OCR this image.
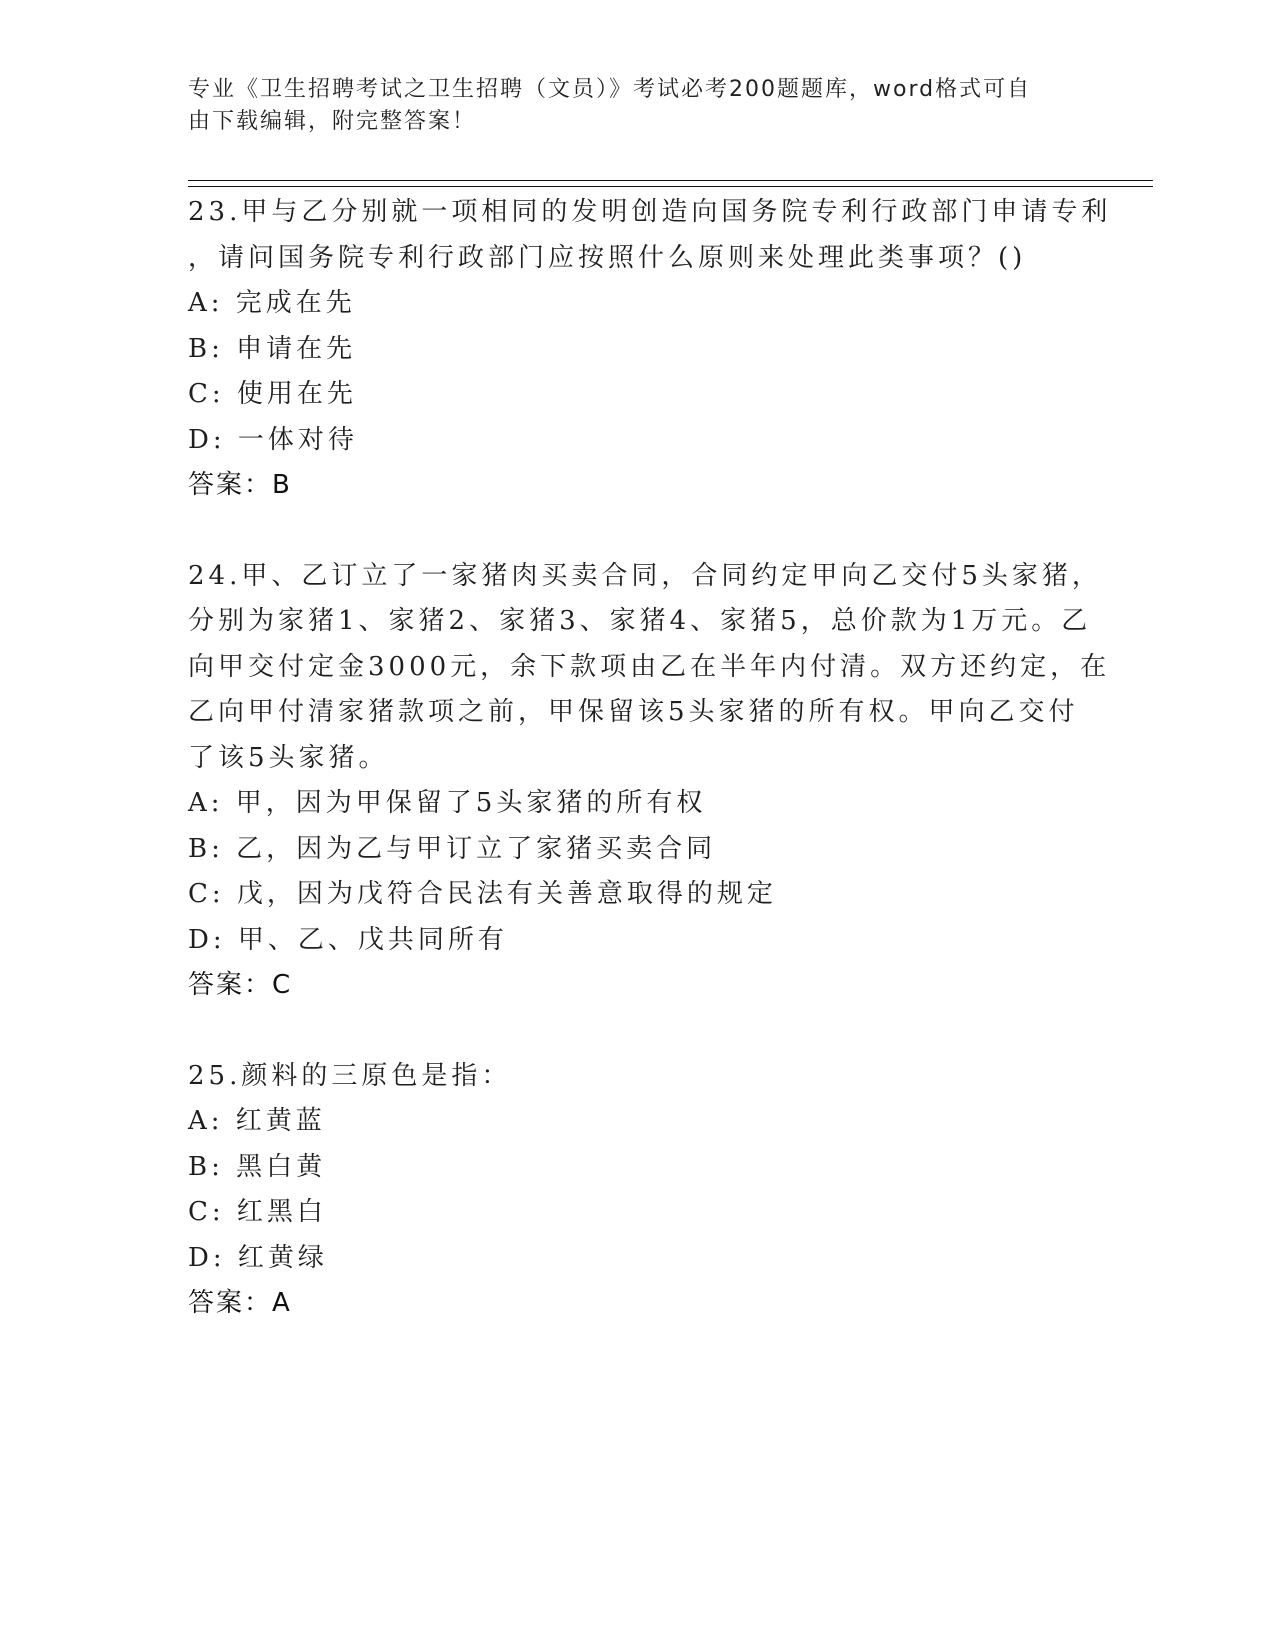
专业《卫生招聘考试之卫生招聘（文员）》考试必考200题题库，word格式可自
由下载编辑，附完整答案！
23.甲与乙分别就一项相同的发明创造向国务院专利行政部门申请专利
，请问国务院专利行政部门应按照什么原则来处理此类事项？()
A: 完成在先
B: 申请在先
C: 使用在先
D: 一体对待
答案：B
24.甲、乙订立了一家猪肉买卖合同，合同约定甲向乙交付5头家猪，
分别为家猪1、家猪2、家猪3、家猪4、家猪5，总价款为1万元。乙
向甲交付定金3000元，余下款项由乙在半年内付清。双方还约定，在
乙向甲付清家猪款项之前，甲保留该5头家猪的所有权。甲向乙交付
了该5头家猪。
A: 甲，因为甲保留了5头家猪的所有权
B: 乙，因为乙与甲订立了家猪买卖合同
C: 戊，因为戊符合民法有关善意取得的规定
D: 甲、乙、戊共同所有
答案：C
25.颜料的三原色是指：
A: 红黄蓝
B: 黑白黄
C: 红黑白
D: 红黄绿
答案：A
